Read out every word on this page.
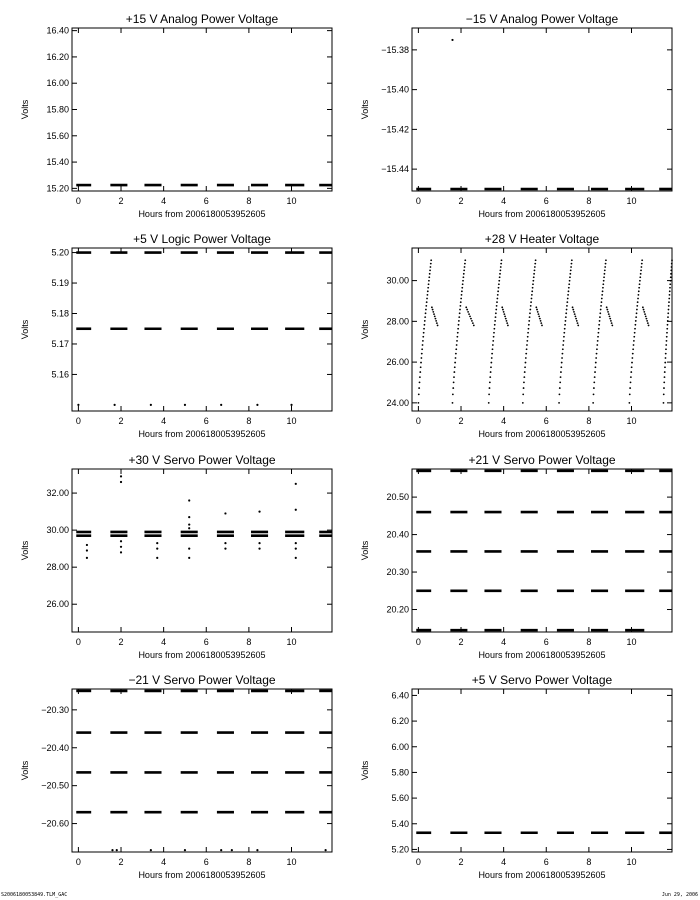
+15 V Analog Power Voltage
0	2	4	6	8	10
15.20
15.40
15.60
15.80
16.00
16.20
16.40
Hours from 2006180053952605
Volts
−15 V Analog Power Voltage
0	2	4	6	8	10
−15.44
−15.42
−15.40
−15.38
Hours from 2006180053952605
Volts
+5 V Logic Power Voltage
0	2	4	6	8	10
5.16
5.17
5.18
5.19
5.20
Hours from 2006180053952605
Volts
+28 V Heater Voltage
0	2	4	6	8	10
24.00
26.00
28.00
30.00
Hours from 2006180053952605
Volts
+30 V Servo Power Voltage
0	2	4	6	8	10
26.00
28.00
30.00
32.00
Hours from 2006180053952605
Volts
+21 V Servo Power Voltage
0	2	4	6	8	10
20.20
20.30
20.40
20.50
Hours from 2006180053952605
Volts
−21 V Servo Power Voltage
0	2	4	6	8	10
−20.60
−20.50
−20.40
−20.30
Hours from 2006180053952605
Volts
+5 V Servo Power Voltage
0	2	4	6	8	10
5.20
5.40
5.60
5.80
6.00
6.20
6.40
Hours from 2006180053952605
Volts
S2006180053849.TLM_GAC	Jun 29, 2006
